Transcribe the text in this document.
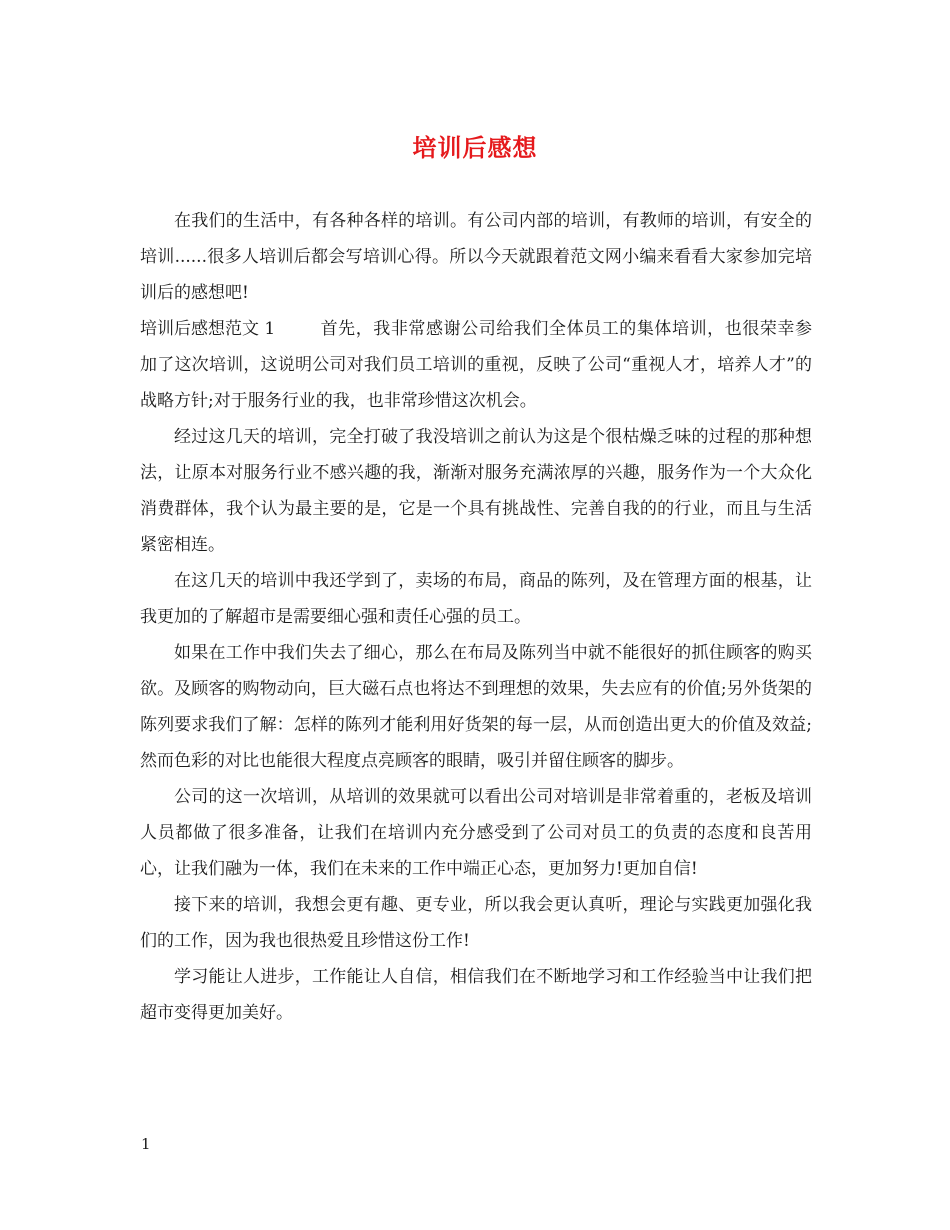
培训后感想

在我们的生活中，有各种各样的培训。有公司内部的培训，有教师的培训，有安全的培训......很多人培训后都会写培训心得。所以今天就跟着范文网小编来看看大家参加完培训后的感想吧!

培训后感想范文 1	首先，我非常感谢公司给我们全体员工的集体培训，也很荣幸参加了这次培训，这说明公司对我们员工培训的重视，反映了公司“重视人才，培养人才”的战略方针;对于服务行业的我，也非常珍惜这次机会。

经过这几天的培训，完全打破了我没培训之前认为这是个很枯燥乏味的过程的那种想法，让原本对服务行业不感兴趣的我，渐渐对服务充满浓厚的兴趣，服务作为一个大众化消费群体，我个认为最主要的是，它是一个具有挑战性、完善自我的的行业，而且与生活紧密相连。

在这几天的培训中我还学到了，卖场的布局，商品的陈列，及在管理方面的根基，让我更加的了解超市是需要细心强和责任心强的员工。

如果在工作中我们失去了细心，那么在布局及陈列当中就不能很好的抓住顾客的购买欲。及顾客的购物动向，巨大磁石点也将达不到理想的效果，失去应有的价值;另外货架的陈列要求我们了解：怎样的陈列才能利用好货架的每一层，从而创造出更大的价值及效益;然而色彩的对比也能很大程度点亮顾客的眼睛，吸引并留住顾客的脚步。

公司的这一次培训，从培训的效果就可以看出公司对培训是非常着重的，老板及培训人员都做了很多准备，让我们在培训内充分感受到了公司对员工的负责的态度和良苦用心，让我们融为一体，我们在未来的工作中端正心态，更加努力!更加自信!

接下来的培训，我想会更有趣、更专业，所以我会更认真听，理论与实践更加强化我们的工作，因为我也很热爱且珍惜这份工作!

学习能让人进步，工作能让人自信，相信我们在不断地学习和工作经验当中让我们把超市变得更加美好。

1
